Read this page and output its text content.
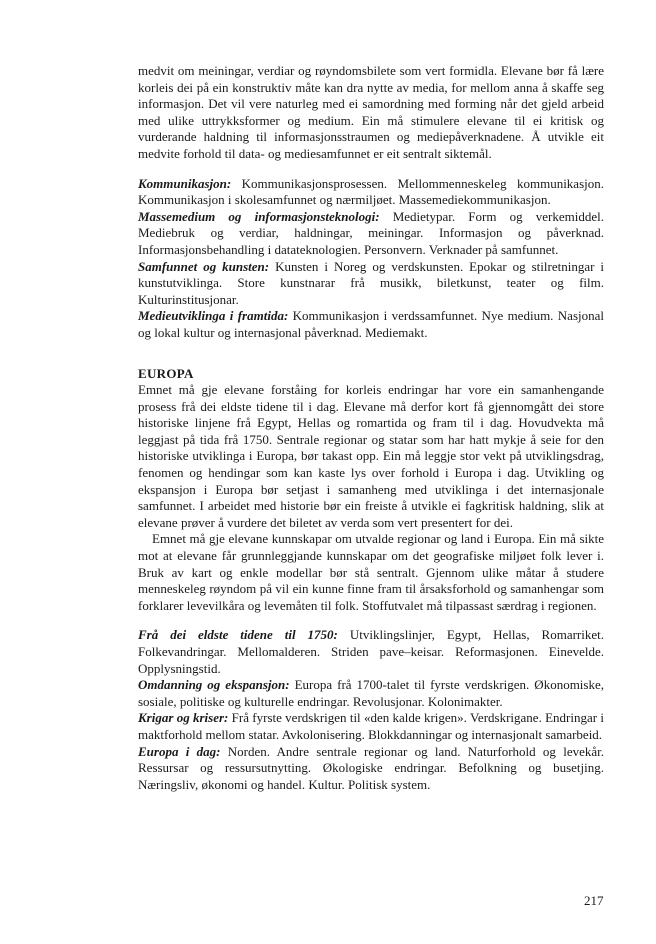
medvit om meiningar, verdiar og røyndomsbilete som vert formidla. Elevane bør få lære korleis dei på ein konstruktiv måte kan dra nytte av media, for mellom anna å skaffe seg informasjon. Det vil vere naturleg med ei samordning med forming når det gjeld arbeid med ulike uttrykksformer og medium. Ein må stimulere elevane til ei kritisk og vurderande haldning til informasjonsstraumen og mediepåverknadene. Å utvikle eit medvite forhold til data- og mediesamfunnet er eit sentralt siktemål.

Kommunikasjon: Kommunikasjonsprosessen. Mellommenneskeleg kommunikasjon. Kommunikasjon i skolesamfunnet og nærmiljøet. Massemediekommunikasjon.

Massemedium og informasjonsteknologi: Medietypar. Form og verkemiddel. Mediebruk og verdiar, haldningar, meiningar. Informasjon og påverknad. Informasjonsbehandling i datateknologien. Personvern. Verknader på samfunnet.

Samfunnet og kunsten: Kunsten i Noreg og verdskunsten. Epokar og stilretningar i kunstutviklinga. Store kunstnarar frå musikk, biletkunst, teater og film. Kulturinstitusjonar.

Medieutviklinga i framtida: Kommunikasjon i verdssamfunnet. Nye medium. Nasjonal og lokal kultur og internasjonal påverknad. Mediemakt.

EUROPA

Emnet må gje elevane forståing for korleis endringar har vore ein samanhengande prosess frå dei eldste tidene til i dag. Elevane må derfor kort få gjennomgått dei store historiske linjene frå Egypt, Hellas og romartida og fram til i dag. Hovudvekta må leggjast på tida frå 1750. Sentrale regionar og statar som har hatt mykje å seie for den historiske utviklinga i Europa, bør takast opp. Ein må leggje stor vekt på utviklingsdrag, fenomen og hendingar som kan kaste lys over forhold i Europa i dag. Utvikling og ekspansjon i Europa bør setjast i samanheng med utviklinga i det internasjonale samfunnet. I arbeidet med historie bør ein freiste å utvikle ei fagkritisk haldning, slik at elevane prøver å vurdere det biletet av verda som vert presentert for dei.

Emnet må gje elevane kunnskapar om utvalde regionar og land i Europa. Ein må sikte mot at elevane får grunnleggjande kunnskapar om det geografiske miljøet folk lever i. Bruk av kart og enkle modellar bør stå sentralt. Gjennom ulike måtar å studere menneskeleg røyndom på vil ein kunne finne fram til årsaksforhold og samanhengar som forklarer levevilkåra og levemåten til folk. Stoffutvalet må tilpassast særdrag i regionen.

Frå dei eldste tidene til 1750: Utviklingslinjer, Egypt, Hellas, Romarriket. Folkevandringar. Mellomalderen. Striden pave–keisar. Reformasjonen. Einevelde. Opplysningstid.

Omdanning og ekspansjon: Europa frå 1700-talet til fyrste verdskrigen. Økonomiske, sosiale, politiske og kulturelle endringar. Revolusjonar. Kolonimakter.

Krigar og kriser: Frå fyrste verdskrigen til «den kalde krigen». Verdskrigane. Endringar i maktforhold mellom statar. Avkolonisering. Blokkdanningar og internasjonalt samarbeid.

Europa i dag: Norden. Andre sentrale regionar og land. Naturforhold og levekår. Ressursar og ressursutnytting. Økologiske endringar. Befolkning og busetjing. Næringsliv, økonomi og handel. Kultur. Politisk system.

217
